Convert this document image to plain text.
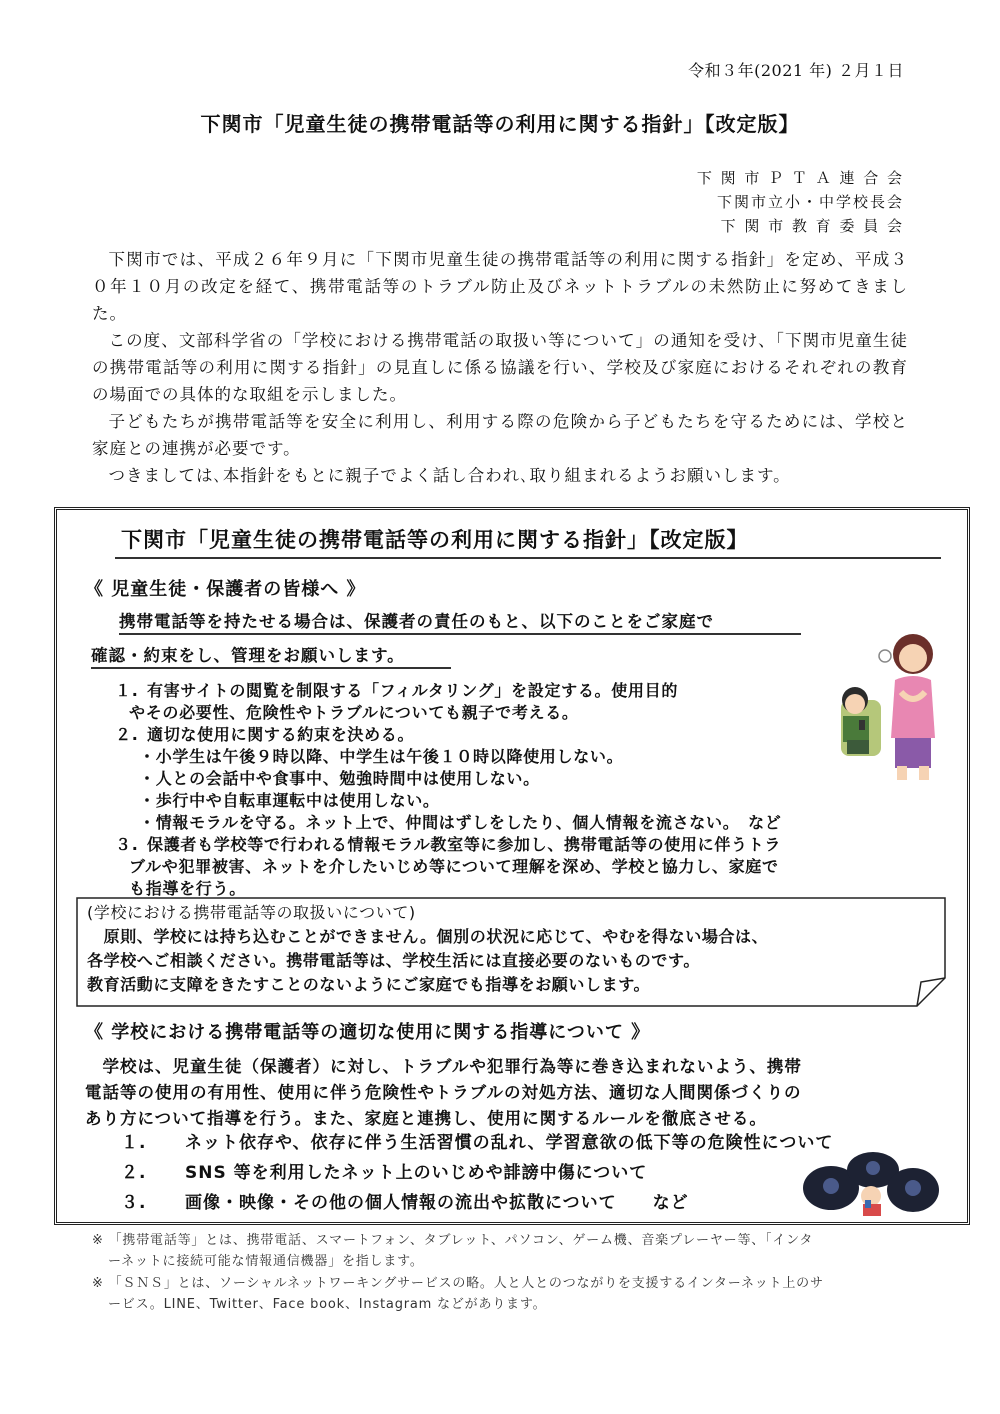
令和３年(2021 年) ２月１日
下関市「児童生徒の携帯電話等の利用に関する指針」【改定版】
下 関 市 Ｐ Ｔ Ａ 連 合 会
下関市立小・中学校長会
下 関 市 教 育 委 員 会

下関市では、平成２６年９月に「下関市児童生徒の携帯電話等の利用に関する指針」を定め、平成３０年１０月の改定を経て、携帯電話等のトラブル防止及びネットトラブルの未然防止に努めてきました。

この度、文部科学省の「学校における携帯電話の取扱い等について」の通知を受け、「下関市児童生徒の携帯電話等の利用に関する指針」の見直しに係る協議を行い、学校及び家庭におけるそれぞれの教育の場面での具体的な取組を示しました。

子どもたちが携帯電話等を安全に利用し、利用する際の危険から子どもたちを守るためには、学校と家庭との連携が必要です。

つきましては､本指針をもとに親子でよく話し合われ､取り組まれるようお願いします。

下関市「児童生徒の携帯電話等の利用に関する指針」【改定版】
《 児童生徒・保護者の皆様へ 》
携帯電話等を持たせる場合は、保護者の責任のもと、以下のことをご家庭で
確認・約束をし、管理をお願いします。
１. 有害サイトの閲覧を制限する「フィルタリング」を設定する。使用目的
やその必要性、危険性やトラブルについても親子で考える。
２. 適切な使用に関する約束を決める。
・小学生は午後９時以降、中学生は午後１０時以降使用しない。
・人との会話中や食事中、勉強時間中は使用しない。
・歩行中や自転車運転中は使用しない。
・情報モラルを守る。ネット上で、仲間はずしをしたり、個人情報を流さない。　など
３. 保護者も学校等で行われる情報モラル教室等に参加し、携帯電話等の使用に伴うトラ
ブルや犯罪被害、ネットを介したいじめ等について理解を深め、学校と協力し、家庭で
も指導を行う。
(学校における携帯電話等の取扱いについて)
　原則、学校には持ち込むことができません。個別の状況に応じて、やむを得ない場合は、
各学校へご相談ください。携帯電話等は、学校生活には直接必要のないものです。
教育活動に支障をきたすことのないようにご家庭でも指導をお願いします。
《 学校における携帯電話等の適切な使用に関する指導について 》
　学校は、児童生徒（保護者）に対し、トラブルや犯罪行為等に巻き込まれないよう、携帯
電話等の使用の有用性、使用に伴う危険性やトラブルの対処方法、適切な人間関係づくりの
あり方について指導を行う。また、家庭と連携し、使用に関するルールを徹底させる。
１. ネット依存や、依存に伴う生活習慣の乱れ、学習意欲の低下等の危険性について
２. SNS 等を利用したネット上のいじめや誹謗中傷について
３. 画像・映像・その他の個人情報の流出や拡散について　　など
※ 「携帯電話等」とは、携帯電話、スマートフォン、タブレット、パソコン、ゲーム機、音楽プレーヤー等、「インタ
ーネットに接続可能な情報通信機器」を指します。
※ 「ＳＮＳ」とは、ソーシャルネットワーキングサービスの略。人と人とのつながりを支援するインターネット上のサ
ービス。LINE、Twitter、Face book、Instagram などがあります。
